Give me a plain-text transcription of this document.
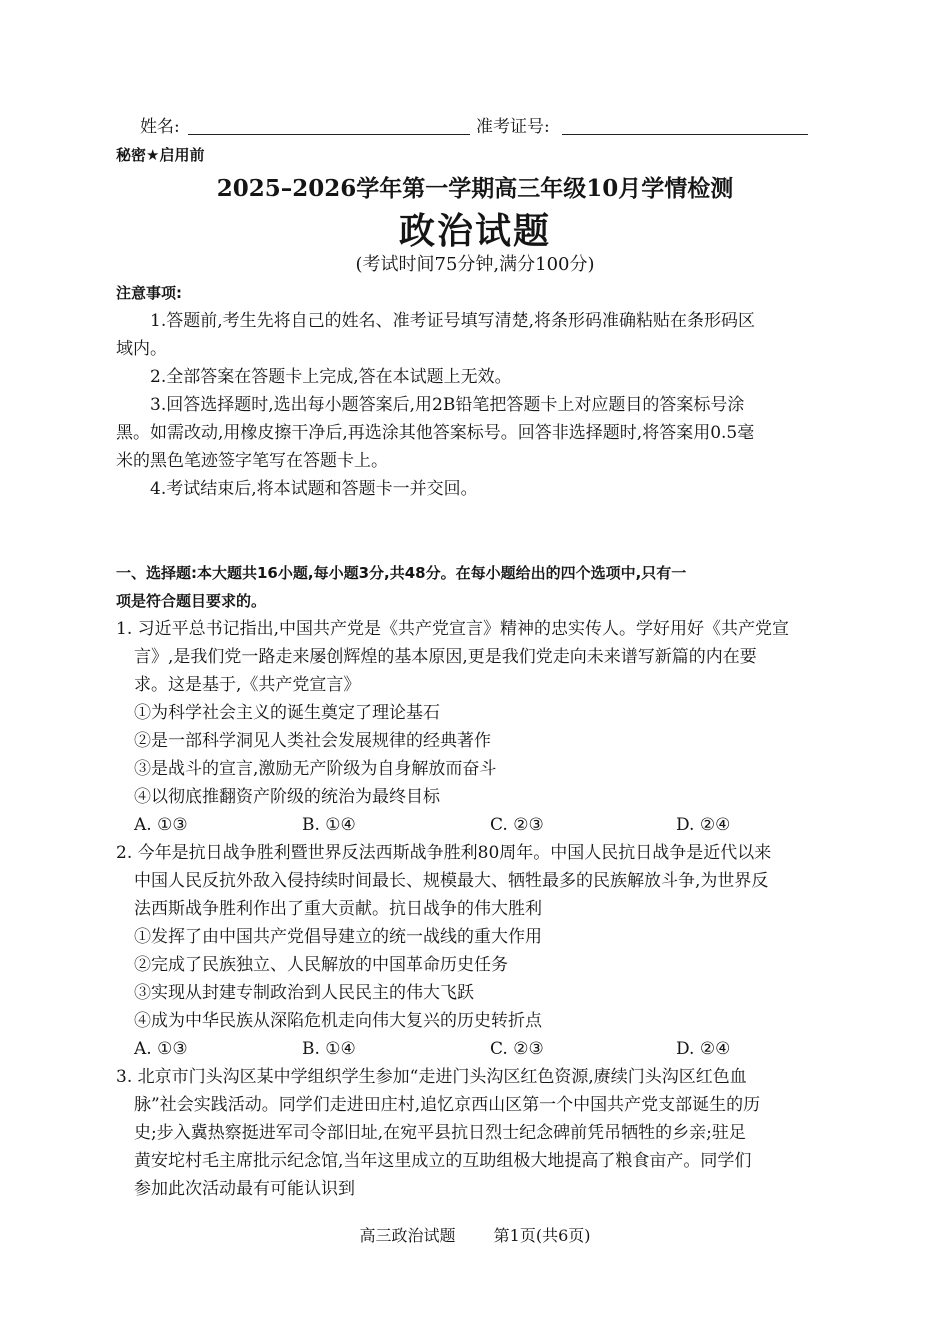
姓名:	准考证号:
秘密★启用前
2025–2026学年第一学期高三年级10月学情检测
政治试题
(考试时间75分钟,满分100分)
注意事项:
1.答题前,考生先将自己的姓名、准考证号填写清楚,将条形码准确粘贴在条形码区
域内。
2.全部答案在答题卡上完成,答在本试题上无效。
3.回答选择题时,选出每小题答案后,用2B铅笔把答题卡上对应题目的答案标号涂
黑。如需改动,用橡皮擦干净后,再选涂其他答案标号。回答非选择题时,将答案用0.5毫
米的黑色笔迹签字笔写在答题卡上。
4.考试结束后,将本试题和答题卡一并交回。
一、选择题:本大题共16小题,每小题3分,共48分。在每小题给出的四个选项中,只有一
项是符合题目要求的。
1. 习近平总书记指出,中国共产党是《共产党宣言》精神的忠实传人。学好用好《共产党宣
言》,是我们党一路走来屡创辉煌的基本原因,更是我们党走向未来谱写新篇的内在要
求。这是基于,《共产党宣言》
①为科学社会主义的诞生奠定了理论基石
②是一部科学洞见人类社会发展规律的经典著作
③是战斗的宣言,激励无产阶级为自身解放而奋斗
④以彻底推翻资产阶级的统治为最终目标
A. ①③	B. ①④	C. ②③	D. ②④
2. 今年是抗日战争胜利暨世界反法西斯战争胜利80周年。中国人民抗日战争是近代以来
中国人民反抗外敌入侵持续时间最长、规模最大、牺牲最多的民族解放斗争,为世界反
法西斯战争胜利作出了重大贡献。抗日战争的伟大胜利
①发挥了由中国共产党倡导建立的统一战线的重大作用
②完成了民族独立、人民解放的中国革命历史任务
③实现从封建专制政治到人民民主的伟大飞跃
④成为中华民族从深陷危机走向伟大复兴的历史转折点
A. ①③	B. ①④	C. ②③	D. ②④
3. 北京市门头沟区某中学组织学生参加“走进门头沟区红色资源,赓续门头沟区红色血
脉”社会实践活动。同学们走进田庄村,追忆京西山区第一个中国共产党支部诞生的历
史;步入冀热察挺进军司令部旧址,在宛平县抗日烈士纪念碑前凭吊牺牲的乡亲;驻足
黄安坨村毛主席批示纪念馆,当年这里成立的互助组极大地提高了粮食亩产。同学们
参加此次活动最有可能认识到
高三政治试题 第1页(共6页)
